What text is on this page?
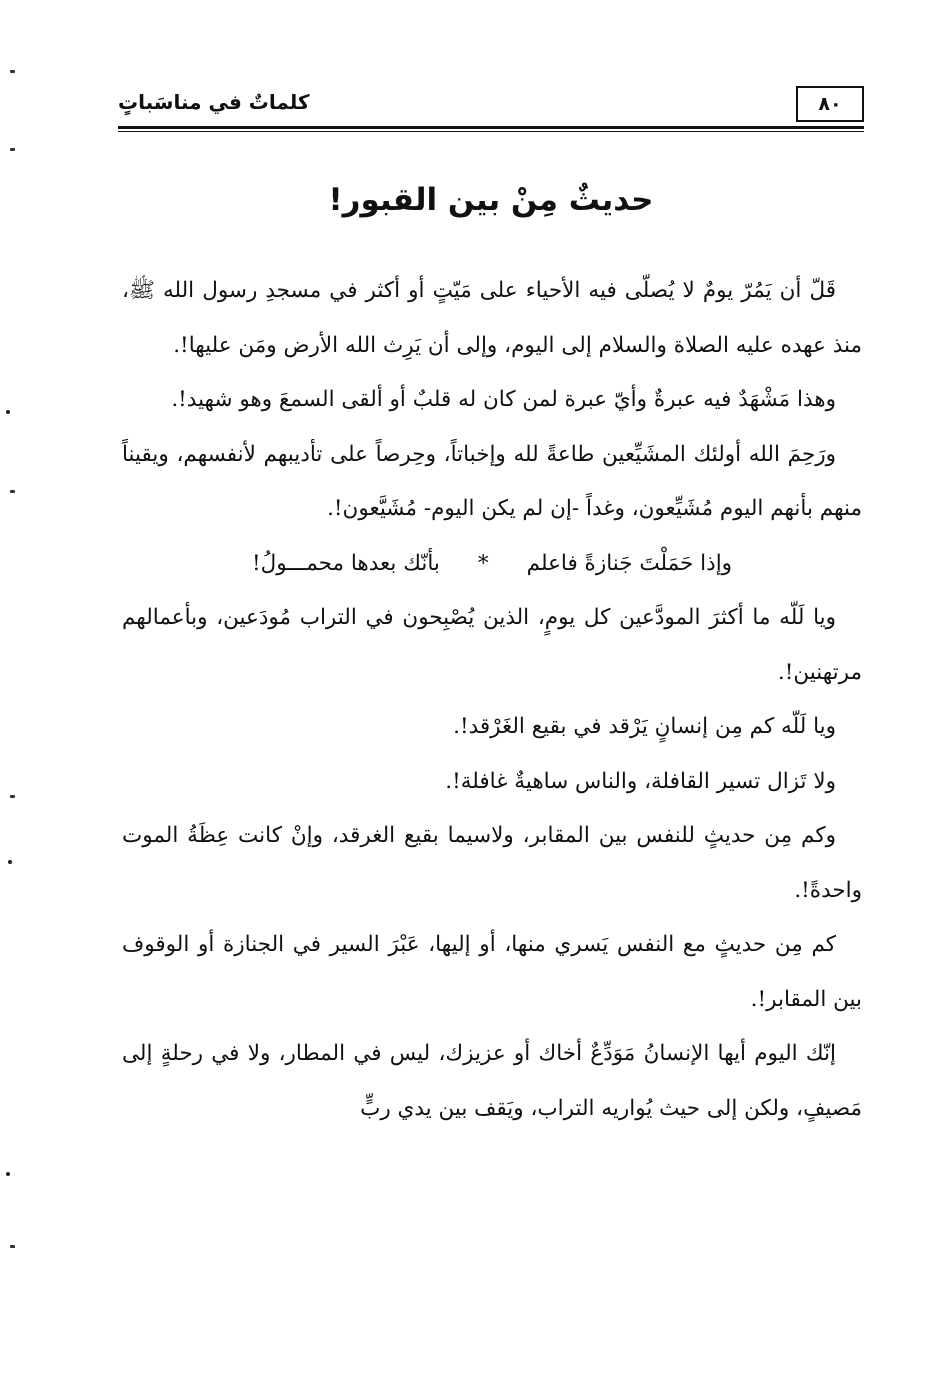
٨٠
كلماتٌ في مناسَباتٍ
حديثٌ مِنْ بين القبور!

قَلّ أن يَمُرّ يومٌ لا يُصلّى فيه الأحياء على مَيّتٍ أو أكثر في مسجدِ رسول الله ﷺ، منذ عهده عليه الصلاة والسلام إلى اليوم، وإلى أن يَرِث الله الأرض ومَن عليها!.

وهذا مَشْهَدٌ فيه عبرةٌ وأيّ عبرة لمن كان له قلبٌ أو ألقى السمعَ وهو شهيد!.

ورَحِمَ الله أولئك المشَيِّعين طاعةً لله وإخباتاً، وحِرصاً على تأديبهم لأنفسهم، ويقيناً منهم بأنهم اليوم مُشَيِّعون، وغداً -إن لم يكن اليوم- مُشَيَّعون!.

وإذا حَمَلْتَ جَنازةً فاعلم
*
بأنّك بعدها محمـــولُ!

ويا لَلّه ما أكثرَ المودَّعين كل يومٍ، الذين يُصْبِحون في التراب مُودَعين، وبأعمالهم مرتهنين!.

ويا لَلّه كم مِن إنسانٍ يَرْقد في بقيع الغَرْقد!.

ولا تَزال تسير القافلة، والناس ساهيةٌ غافلة!.

وكم مِن حديثٍ للنفس بين المقابر، ولاسيما بقيع الغرقد، وإنْ كانت عِظَةُ الموت واحدةً!.

كم مِن حديثٍ مع النفس يَسري منها، أو إليها، عَبْرَ السير في الجنازة أو الوقوف بين المقابر!.

إنّك اليوم أيها الإنسانُ مَوَدِّعٌ أخاك أو عزيزك، ليس في المطار، ولا في رحلةٍ إلى مَصيفٍ، ولكن إلى حيث يُواريه التراب، ويَقف بين يدي ربٍّ
